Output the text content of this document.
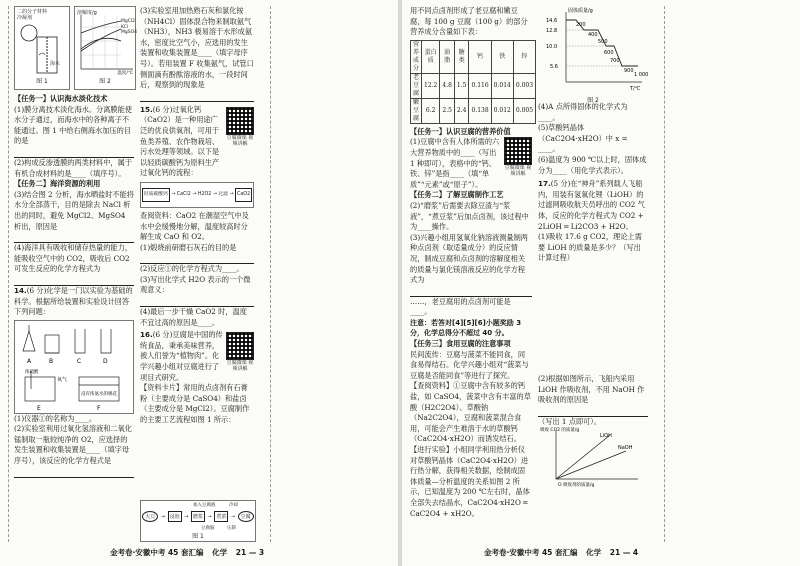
二的分子材料
冷凝剂
海水
图 1
溶解度/g
MgCl2
KCl
MgSO4
温度/℃
图 2

【任务一】认识海水淡化技术

(1)膜分离技术淡化海水。分离膜能使水分子通过，而海水中的各种离子不能通过。图 1 中给右侧海水加压的目的是

(2)构成反渗透膜的两类材料中，属于有机合成材料的是____（填序号）。

【任务二】海洋资源的利用

(3)结合图 2 分析，海水晒盐时不能将水分全部蒸干，目的是除去 NaCl 析出的同时，避免 MgCl2、MgSO4 析出，原因是

(4)海洋具有吸收和储存热量的能力，能吸收空气中的 CO2，吸收后 CO2 可发生反应的化学方程式为

14.(6 分)化学是一门以实验为基础的科学。根据所给装置和实验设计回答下列问题：

A	B	C	D
E	F
氧气
浸有浓氨水的棉花
浓硫酸

(1)仪器①的名称为____。

(2)实验室利用过氧化氢溶液和二氧化锰制取一瓶较纯净的 O2，应选择的发生装置和收集装置是____（填字母序号），该反应的化学方程式是

(3)实验室用加热熟石灰和氯化铵（NH4Cl）固体混合物来制取氨气（NH3），NH3 极易溶于水形成氨水，密度比空气小，应选用的发生装置和收集装置是____（填字母序号）。若用装置 F 收集氨气，试管口侧面滴有酚酞溶液的水，一段时间后，观察到的现象是

15.(6 分)过氧化钙（CaO2）是一种用途广泛的优良供氧剂，可用于鱼类养殖、农作物栽培、污水处理等领域。以下是以轻质碳酸钙为原料生产过氧化钙的流程：

豆腐微课 视频讲解
轻质碳酸钙 → CaCl2 → H2O2 → 过滤 → CaO2

查阅资料：CaO2 在潮湿空气中及水中会缓慢地分解，温度较高时分解生成 CaO 和 O2。

(1)煅烧前研磨石灰石的目的是

(2)反应①的化学方程式为____。

(3)写出化学式 H2O 表示的一个微观意义：

(4)最后一步干燥 CaO2 时，温度不宜过高的原因是____。

16.(6 分)豆腐是中国的传统食品，秉承美味营养，被人们誉为“植物肉”。化学兴趣小组对豆腐进行了项目式研究。

豆腐微课 视频讲解

【资料卡片】常用的点卤剂有石膏粉（主要成分是 CaSO4）和盐卤（主要成分是 MgCl2）。豆腐制作的主要工艺流程如图 1 所示：

大豆	→ 浸泡 → 磨浆 → 煮浆 →	豆腐
加入豆腐液	冷却
压制
豆腐脑
图 1
金考卷·安徽中考 45 套汇编 化学 21 — 3

用不同点卤剂形成了老豆腐和嫩豆腐，每 100 g 豆腐（100 g）的部分营养成分含量如下表：

营养成分	蛋白质	油脂	糖类	钙	铁	锌
老豆腐	12.2	4.8	1.5	0.116	0.014	0.003
嫩豆腐	6.2	2.5	2.4	0.138	0.012	0.005

【任务一】认识豆腐的营养价值

(1)豆腐中含有人体所需的六大营养物质中的____（写出 1 种即可），表格中的“钙、铁、锌”是指____（填“单质”“元素”或“原子”）。

豆腐微课 视频讲解

【任务二】了解豆腐制作工艺

(2)“磨浆”后需要去除豆渣与“浆液”，“煮豆浆”后加点卤剂，该过程中为____操作。

(3)兴趣小组用氢氧化钠溶液测量制两种点卤剂（取适量成分）的反应情况，制成豆腐和点卤剂的溶解度相关的质量与氯化镁溶液反应的化学方程式为

……，老豆腐用的点卤剂可能是____。

注意：若答对[4][5][6]小题奖励 3 分，化学总得分不超过 40 分。

【任务三】食用豆腐的注意事项

民间流传：豆腐与菠菜不能同食，同食易得结石。化学兴趣小组对“菠菜与豆腐是否能同食”等进行了探究。

【查阅资料】①豆腐中含有较多的钙盐，如 CaSO4，菠菜中含有丰富的草酸（H2C2O4）、草酸钠（Na2C2O4），豆腐和菠菜混合食用，可能会产生难溶于水的草酸钙（CaC2O4·xH2O）而诱发结石。

【进行实验】小组同学利用热分析仪对草酸钙晶体（CaC2O4·xH2O）进行热分解，获得相关数据，绘制成固体质量—分析温度的关系如图 2 所示，已知温度为 200 ℃左右时，晶体全部失去结晶水，CaC2O4·xH2O ═ CaC2O4 + xH2O。

14.6
12.8
10.0
5.6
200
400
500
600
700
900
1 000
T/℃
固体质量/g
图 2

(4)A 点所得固体的化学式为____。

(5)草酸钙晶体（CaC2O4·xH2O）中 x = ____。

(6)温度为 900 ℃以上时，固体成分为____（用化学式表示）。

17.(5 分)在“神舟”系列载人飞船内，用装有氢氧化锂（LiOH）的过滤网吸收航天员呼出的 CO2 气体，反应的化学方程式为 CO2 + 2LiOH ═ Li2CO3 + H2O。

(1)吸收 17.6 g CO2，理论上需要 LiOH 的质量是多少？（写出计算过程）

(2)根据如图所示，飞船内采用 LiOH 作吸收剂，不用 NaOH 作吸收剂的原因是

（写出 1 点即可）。

LiOH
NaOH
O 吸收剂的质量/g
吸收 CO2 的质量/g
金考卷·安徽中考 45 套汇编 化学 21 — 4
